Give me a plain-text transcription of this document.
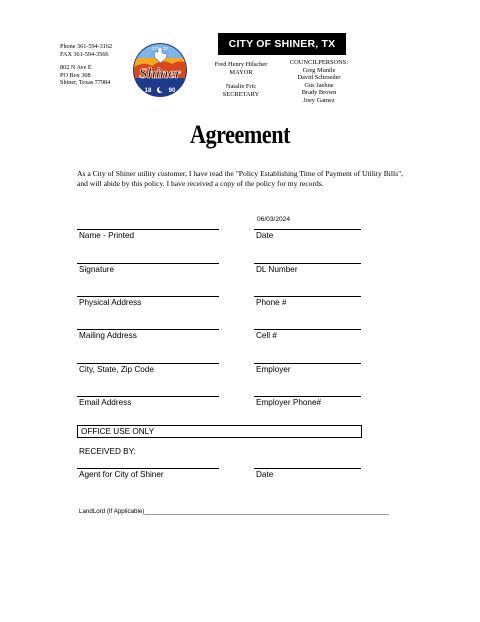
Phone 361-594-3162
FAX 361-594-3566
802 N Ave E
PO Box 308
Shiner, Texas 77984
CITY OF
Shiner
18	90
CITY OF SHINER, TX
Fred Henry Hilscher
MAYOR
Natalie Fric
SECRETARY
COUNCILPERSONS:
Greg Munile
David Schroeder
Gus Jaehne
Brady Brown
Joey Gamez
Agreement
As a City of Shiner utility customer, I have read the "Policy Establishing Time of Payment of Utility Bills", and will abide by this policy. I have received a copy of the policy for my records.
06/03/2024
Name - Printed	Date
Signature	DL Number
Physical Address	Phone #
Mailing Address	Cell #
City, State, Zip Code	Employer
Email Address	Employer Phone#
OFFICE USE ONLY
RECEIVED BY:
Agent for City of Shiner	Date
LandLord (If Applicable)_______________________________________________________________________
